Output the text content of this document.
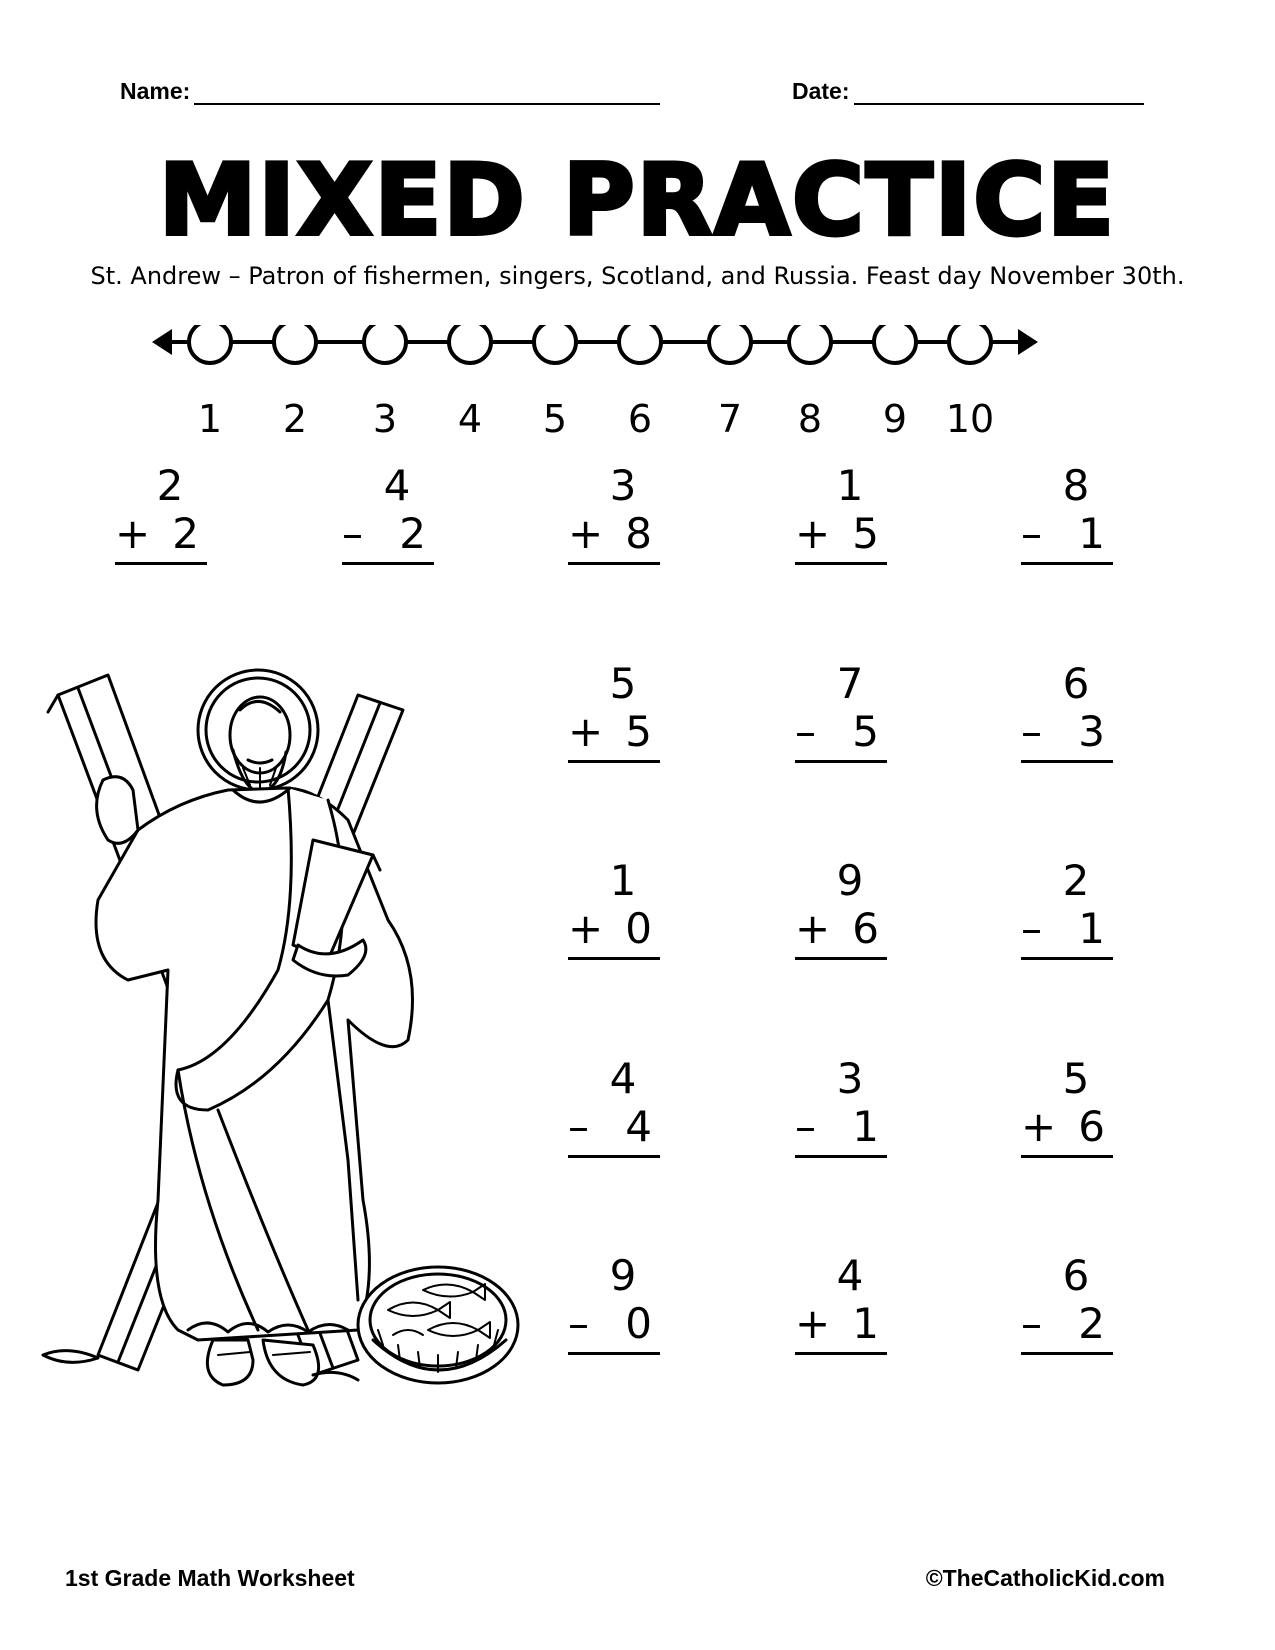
Name:	Date:
MIXED PRACTICE
St. Andrew – Patron of fishermen, singers, Scotland, and Russia. Feast day November 30th.
1	2	3	4	5	6	7	8	9	10
2
+ 2
4
– 2
3
+ 8
1
+ 5
8
– 1
5
+ 5
7
– 5
6
– 3
1
+ 0
9
+ 6
2
– 1
4
– 4
3
– 1
5
+ 6
9
– 0
4
+ 1
6
– 2
1st Grade Math Worksheet	©TheCatholicKid.com
